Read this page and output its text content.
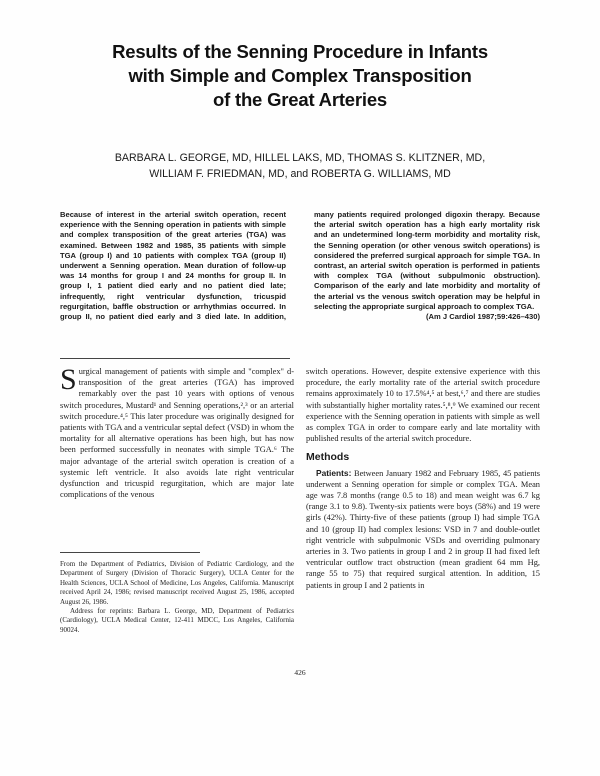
Results of the Senning Procedure in Infants
with Simple and Complex Transposition
of the Great Arteries
BARBARA L. GEORGE, MD, HILLEL LAKS, MD, THOMAS S. KLITZNER, MD,
WILLIAM F. FRIEDMAN, MD, and ROBERTA G. WILLIAMS, MD

Because of interest in the arterial switch operation, recent experience with the Senning operation in patients with simple and complex transposition of the great arteries (TGA) was examined. Between 1982 and 1985, 35 patients with simple TGA (group I) and 10 patients with complex TGA (group II) underwent a Senning operation. Mean duration of follow-up was 14 months for group I and 24 months for group II. In group I, 1 patient died early and no patient died late; infrequently, right ventricular dysfunction, tricuspid regurgitation, baffle obstruction or arrhythmias occurred. In group II, no patient died early and 3 died late. In addition, many patients required prolonged digoxin therapy. Because the arterial switch operation has a high early mortality risk and an undetermined long-term morbidity and mortality risk, the Senning operation (or other venous switch operations) is considered the preferred surgical approach for simple TGA. In contrast, an arterial switch operation is performed in patients with complex TGA (without subpulmonic obstruction). Comparison of the early and late morbidity and mortality of the arterial vs the venous switch operation may be helpful in selecting the appropriate surgical approach to complex TGA.
(Am J Cardiol 1987;59:426–430)

Surgical management of patients with simple and "complex" d-transposition of the great arteries (TGA) has improved remarkably over the past 10 years with options of venous switch procedures, Mustard¹ and Senning operations,²,³ or an arterial switch procedure.⁴,⁵ This later procedure was originally designed for patients with TGA and a ventricular septal defect (VSD) in whom the mortality for all alternative operations has been high, but has now been performed successfully in neonates with simple TGA.⁶ The major advantage of the arterial switch operation is creation of a systemic left ventricle. It also avoids late right ventricular dysfunction and tricuspid regurgitation, which are major late complications of the venous

From the Department of Pediatrics, Division of Pediatric Cardiology, and the Department of Surgery (Division of Thoracic Surgery), UCLA Center for the Health Sciences, UCLA School of Medicine, Los Angeles, California. Manuscript received April 24, 1986; revised manuscript received August 25, 1986, accepted August 26, 1986.

Address for reprints: Barbara L. George, MD, Department of Pediatrics (Cardiology), UCLA Medical Center, 12-411 MDCC, Los Angeles, California 90024.

switch operations. However, despite extensive experience with this procedure, the early mortality rate of the arterial switch procedure remains approximately 10 to 17.5%⁴,⁵ at best,⁶,⁷ and there are studies with substantially higher mortality rates.⁵,⁸,⁹ We examined our recent experience with the Senning operation in patients with simple as well as complex TGA in order to compare early and late mortality with published results of the arterial switch procedure.

Methods

Patients: Between January 1982 and February 1985, 45 patients underwent a Senning operation for simple or complex TGA. Mean age was 7.8 months (range 0.5 to 18) and mean weight was 6.7 kg (range 3.1 to 9.8). Twenty-six patients were boys (58%) and 19 were girls (42%). Thirty-five of these patients (group I) had simple TGA and 10 (group II) had complex lesions: VSD in 7 and double-outlet right ventricle with subpulmonic VSDs and overriding pulmonary arteries in 3. Two patients in group I and 2 in group II had fixed left ventricular outflow tract obstruction (mean gradient 64 mm Hg, range 55 to 75) that required surgical attention. In addition, 15 patients in group I and 2 patients in

426
